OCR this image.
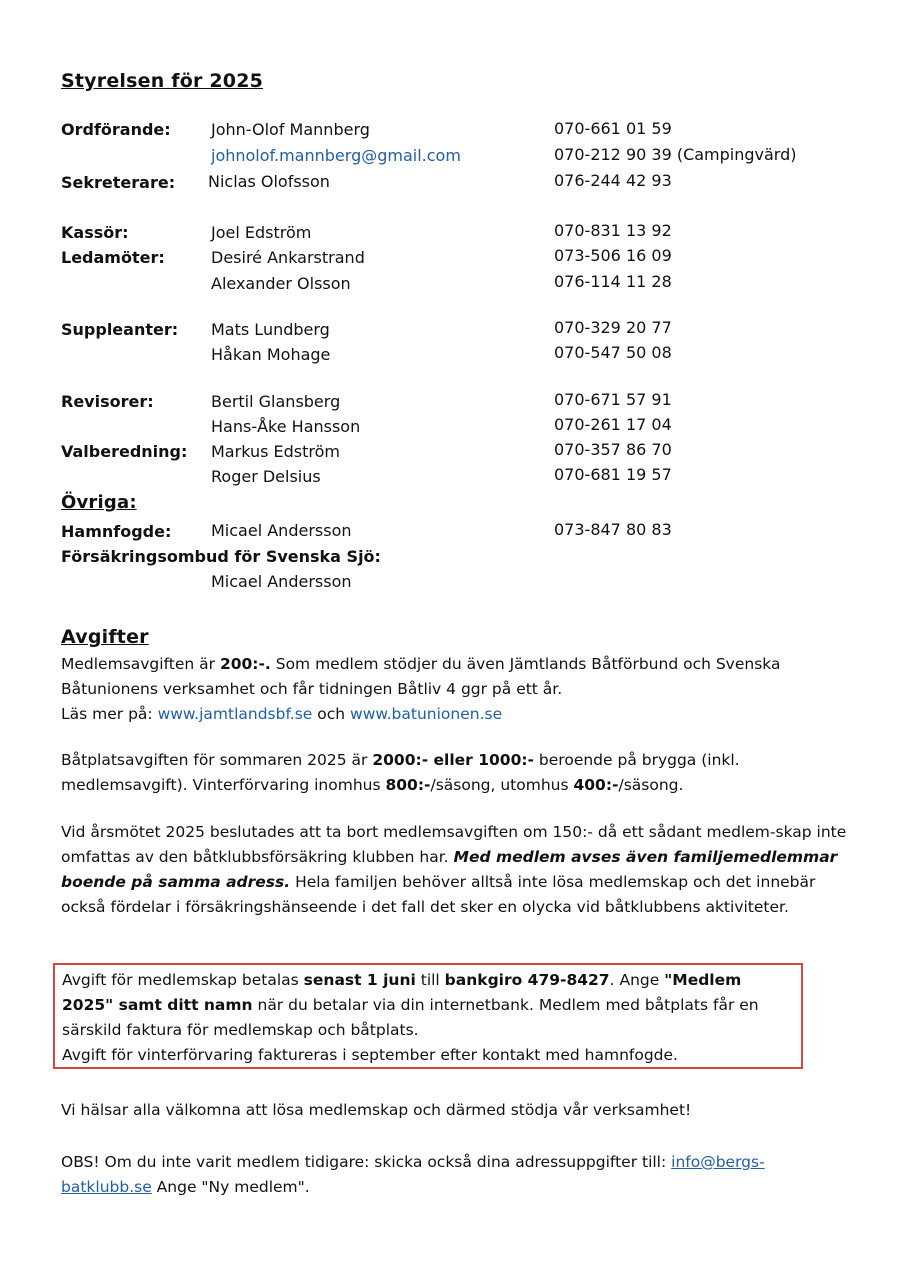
Styrelsen för 2025
Ordförande:	John-Olof Mannberg	070-661 01 59
johnolof.mannberg@gmail.com	070-212 90 39 (Campingvärd)
Sekreterare: Niclas Olofsson	076-244 42 93
Kassör:	Joel Edström	070-831 13 92
Ledamöter:	Desiré Ankarstrand	073-506 16 09
Alexander Olsson	076-114 11 28
Suppleanter: Mats Lundberg	070-329 20 77
Håkan Mohage	070-547 50 08
Revisorer:	Bertil Glansberg	070-671 57 91
Hans-Åke Hansson	070-261 17 04
Valberedning: Markus Edström	070-357 86 70
Roger Delsius	070-681 19 57
Övriga:
Hamnfogde: Micael Andersson	073-847 80 83
Försäkringsombud för Svenska Sjö:
Micael Andersson
Avgifter
Medlemsavgiften är 200:-. Som medlem stödjer du även Jämtlands Båtförbund och Svenska Båtunionens verksamhet och får tidningen Båtliv 4 ggr på ett år.
Läs mer på: www.jamtlandsbf.se och www.batunionen.se
Båtplatsavgiften för sommaren 2025 är 2000:- eller 1000:- beroende på brygga (inkl. medlemsavgift). Vinterförvaring inomhus 800:-/säsong, utomhus 400:-/säsong.
Vid årsmötet 2025 beslutades att ta bort medlemsavgiften om 150:- då ett sådant medlem-skap inte omfattas av den båtklubbsförsäkring klubben har. Med medlem avses även familjemedlemmar boende på samma adress. Hela familjen behöver alltså inte lösa medlemskap och det innebär också fördelar i försäkringshänseende i det fall det sker en olycka vid båtklubbens aktiviteter.
Avgift för medlemskap betalas senast 1 juni till bankgiro 479-8427. Ange "Medlem 2025" samt ditt namn när du betalar via din internetbank. Medlem med båtplats får en särskild faktura för medlemskap och båtplats.
Avgift för vinterförvaring faktureras i september efter kontakt med hamnfogde.
Vi hälsar alla välkomna att lösa medlemskap och därmed stödja vår verksamhet!
OBS! Om du inte varit medlem tidigare: skicka också dina adressuppgifter till: info@bergs-batklubb.se Ange "Ny medlem".
